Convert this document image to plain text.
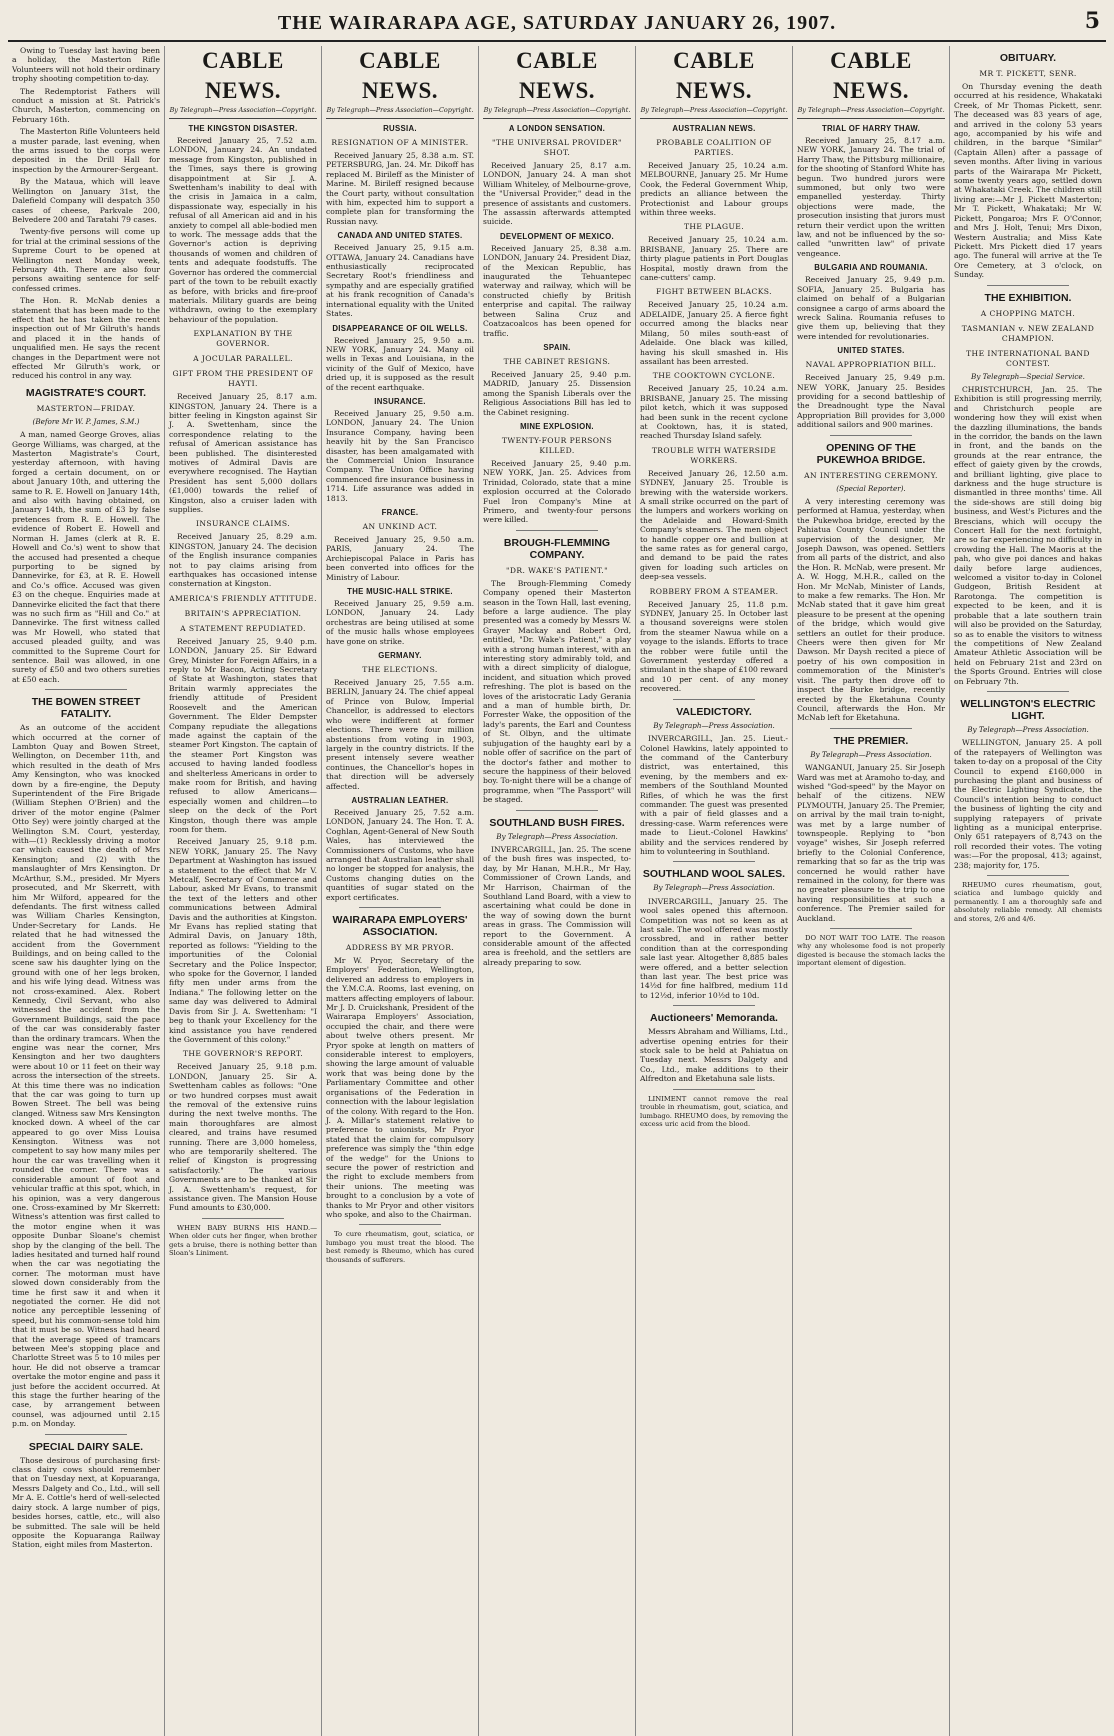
THE WAIRARAPA AGE, SATURDAY JANUARY 26, 1907.	5

Owing to Tuesday last having been a holiday, the Masterton Rifle Volunteers will not hold their ordinary trophy shooting competition to-day.

The Redemptorist Fathers will conduct a mission at St. Patrick's Church, Masterton, commencing on February 16th.

The Masterton Rifle Volunteers held a muster parade, last evening, when the arms issued to the corps were deposited in the Drill Hall for inspection by the Armourer-Sergeant.

By the Mataua, which will leave Wellington on January 31st, the Dalefield Company will despatch 350 cases of cheese, Parkvale 200, Belvedere 200 and Taratahi 79 cases.

Twenty-five persons will come up for trial at the criminal sessions of the Supreme Court to be opened at Wellington next Monday week, February 4th. There are also four persons awaiting sentence for self-confessed crimes.

The Hon. R. McNab denies a statement that has been made to the effect that he has taken the recent inspection out of Mr Gilruth's hands and placed it in the hands of unqualified men. He says the recent changes in the Department were not effected Mr Gilruth's work, or reduced his control in any way.

MAGISTRATE'S COURT.
MASTERTON—FRIDAY.
(Before Mr W. P. James, S.M.)

A man, named George Groves, alias George Williams, was charged, at the Masterton Magistrate's Court, yesterday afternoon, with having forged a certain document, on or about January 10th, and uttering the same to R. E. Howell on January 14th, and also with having obtained, on January 14th, the sum of £3 by false pretences from R. E. Howell. The evidence of Robert E. Howell and Norman H. James (clerk at R. E. Howell and Co.'s) went to show that the accused had presented a cheque purporting to be signed by Dannevirke, for £3, at R. E. Howell and Co.'s office. Accused was given £3 on the cheque. Enquiries made at Dannevirke elicited the fact that there was no such firm as "Hill and Co." at Dannevirke. The first witness called was Mr Howell, who stated that accused pleaded guilty, and was committed to the Supreme Court for sentence. Bail was allowed, in one surety of £50 and two others sureties at £50 each.

THE BOWEN STREET FATALITY.

As an outcome of the accident which occurred at the corner of Lambton Quay and Bowen Street, Wellington, on December 11th, and which resulted in the death of Mrs Amy Kensington, who was knocked down by a fire-engine, the Deputy Superintendent of the Fire Brigade (William Stephen O'Brien) and the driver of the motor engine (Palmer Otto Sey) were jointly charged at the Wellington S.M. Court, yesterday, with—(1) Recklessly driving a motor car which caused the death of Mrs Kensington; and (2) with the manslaughter of Mrs Kensington. Dr McArthur, S.M., presided. Mr Myers prosecuted, and Mr Skerrett, with him Mr Wilford, appeared for the defendants. The first witness called was William Charles Kensington, Under-Secretary for Lands. He related that he had witnessed the accident from the Government Buildings, and on being called to the scene saw his daughter lying on the ground with one of her legs broken, and his wife lying dead. Witness was not cross-examined. Alex. Robert Kennedy, Civil Servant, who also witnessed the accident from the Government Buildings, said the pace of the car was considerably faster than the ordinary tramcars. When the engine was near the corner, Mrs Kensington and her two daughters were about 10 or 11 feet on their way across the intersection of the streets. At this time there was no indication that the car was going to turn up Bowen Street. The bell was being clanged. Witness saw Mrs Kensington knocked down. A wheel of the car appeared to go over Miss Louisa Kensington. Witness was not competent to say how many miles per hour the car was travelling when it rounded the corner. There was a considerable amount of foot and vehicular traffic at this spot, which, in his opinion, was a very dangerous one. Cross-examined by Mr Skerrett: Witness's attention was first called to the motor engine when it was opposite Dunbar Sloane's chemist shop by the clanging of the bell. The ladies hesitated and turned half round when the car was negotiating the corner. The motorman must have slowed down considerably from the time he first saw it and when it negotiated the corner. He did not notice any perceptible lessening of speed, but his common-sense told him that it must be so. Witness had heard that the average speed of tramcars between Mee's stopping place and Charlotte Street was 5 to 10 miles per hour. He did not observe a tramcar overtake the motor engine and pass it just before the accident occurred. At this stage the further hearing of the case, by arrangement between counsel, was adjourned until 2.15 p.m. on Monday.

SPECIAL DAIRY SALE.

Those desirous of purchasing first-class dairy cows should remember that on Tuesday next, at Kopuaranga, Messrs Dalgety and Co., Ltd., will sell Mr A. E. Cottle's herd of well-selected dairy stock. A large number of pigs, besides horses, cattle, etc., will also be submitted. The sale will be held opposite the Kopuaranga Railway Station, eight miles from Masterton.

CABLE NEWS.
By Telegraph—Press Association—Copyright.
THE KINGSTON DISASTER.

Received January 25, 7.52 a.m. LONDON, January 24. An undated message from Kingston, published in the Times, says there is growing disappointment at Sir J. A. Swettenham's inability to deal with the crisis in Jamaica in a calm, dispassionate way, especially in his refusal of all American aid and in his anxiety to compel all able-bodied men to work. The message adds that the Governor's action is depriving thousands of women and children of tents and adequate foodstuffs. The Governor has ordered the commercial part of the town to be rebuilt exactly as before, with bricks and fire-proof materials. Military guards are being withdrawn, owing to the exemplary behaviour of the population.

EXPLANATION BY THE GOVERNOR.
A JOCULAR PARALLEL.
GIFT FROM THE PRESIDENT OF HAYTI.

Received January 25, 8.17 a.m. KINGSTON, January 24. There is a bitter feeling in Kingston against Sir J. A. Swettenham, since the correspondence relating to the refusal of American assistance has been published. The disinterested motives of Admiral Davis are everywhere recognised. The Haytian President has sent 5,000 dollars (£1,000) towards the relief of Kingston, also a cruiser laden with supplies.

INSURANCE CLAIMS.

Received January 25, 8.29 a.m. KINGSTON, January 24. The decision of the English insurance companies not to pay claims arising from earthquakes has occasioned intense consternation at Kingston.

AMERICA'S FRIENDLY ATTITUDE.
BRITAIN'S APPRECIATION.
A STATEMENT REPUDIATED.

Received January 25, 9.40 p.m. LONDON, January 25. Sir Edward Grey, Minister for Foreign Affairs, in a reply to Mr Bacon, Acting Secretary of State at Washington, states that Britain warmly appreciates the friendly attitude of President Roosevelt and the American Government. The Elder Dempster Company repudiate the allegations made against the captain of the steamer Port Kingston. The captain of the steamer Port Kingston was accused to having landed foodless and shelterless Americans in order to make room for British, and having refused to allow Americans—especially women and children—to sleep on the deck of the Port Kingston, though there was ample room for them.

Received January 25, 9.18 p.m. NEW YORK, January 25. The Navy Department at Washington has issued a statement to the effect that Mr V. Metcalf, Secretary of Commerce and Labour, asked Mr Evans, to transmit the text of the letters and other communications between Admiral Davis and the authorities at Kingston. Mr Evans has replied stating that Admiral Davis, on January 18th, reported as follows: "Yielding to the importunities of the Colonial Secretary and the Police Inspector, who spoke for the Governor, I landed fifty men under arms from the Indiana." The following letter on the same day was delivered to Admiral Davis from Sir J. A. Swettenham: "I beg to thank your Excellency for the kind assistance you have rendered the Government of this colony."

THE GOVERNOR'S REPORT.

Received January 25, 9.18 p.m. LONDON, January 25. Sir A. Swettenham cables as follows: "One or two hundred corpses must await the removal of the extensive ruins during the next twelve months. The main thoroughfares are almost cleared, and trains have resumed running. There are 3,000 homeless, who are temporarily sheltered. The relief of Kingston is progressing satisfactorily." The various Governments are to be thanked at Sir J. A. Swettenham's request, for assistance given. The Mansion House Fund amounts to £30,000.

WHEN BABY BURNS HIS HAND.—When older cuts her finger, when brother gets a bruise, there is nothing better than Sloan's Liniment.

CABLE NEWS.
By Telegraph—Press Association—Copyright.
RUSSIA.
RESIGNATION OF A MINISTER.

Received January 25, 8.38 a.m. ST. PETERSBURG, Jan. 24. Mr. Dikoff has replaced M. Birileff as the Minister of Marine. M. Birileff resigned because the Court party, without consultation with him, expected him to support a complete plan for transforming the Russian navy.

CANADA AND UNITED STATES.

Received January 25, 9.15 a.m. OTTAWA, January 24. Canadians have enthusiastically reciprocated Secretary Root's friendliness and sympathy and are especially gratified at his frank recognition of Canada's international equality with the United States.

DISAPPEARANCE OF OIL WELLS.

Received January 25, 9.50 a.m. NEW YORK, January 24. Many oil wells in Texas and Louisiana, in the vicinity of the Gulf of Mexico, have dried up, it is supposed as the result of the recent earthquake.

INSURANCE.

Received January 25, 9.50 a.m. LONDON, January 24. The Union Insurance Company, having been heavily hit by the San Francisco disaster, has been amalgamated with the Commercial Union Insurance Company. The Union Office having commenced fire insurance business in 1714. Life assurance was added in 1813.

FRANCE.
AN UNKIND ACT.

Received January 25, 9.50 a.m. PARIS, January 24. The Archiepiscopal Palace in Paris has been converted into offices for the Ministry of Labour.

THE MUSIC-HALL STRIKE.

Received January 25, 9.59 a.m. LONDON, January 24. Lady orchestras are being utilised at some of the music halls whose employees have gone on strike.

GERMANY.
THE ELECTIONS.

Received January 25, 7.55 a.m. BERLIN, January 24. The chief appeal of Prince von Bulow, Imperial Chancellor, is addressed to electors who were indifferent at former elections. There were four million abstentions from voting in 1903, largely in the country districts. If the present intensely severe weather continues, the Chancellor's hopes in that direction will be adversely affected.

AUSTRALIAN LEATHER.

Received January 25, 7.52 a.m. LONDON, January 24. The Hon. T. A. Coghlan, Agent-General of New South Wales, has interviewed the Commissioners of Customs, who have arranged that Australian leather shall no longer be stopped for analysis, the Customs changing duties on the quantities of sugar stated on the export certificates.

WAIRARAPA EMPLOYERS' ASSOCIATION.
ADDRESS BY MR PRYOR.

Mr W. Pryor, Secretary of the Employers' Federation, Wellington, delivered an address to employers in the Y.M.C.A. Rooms, last evening, on matters affecting employers of labour. Mr J. D. Cruickshank, President of the Wairarapa Employers' Association, occupied the chair, and there were about twelve others present. Mr Pryor spoke at length on matters of considerable interest to employers, showing the large amount of valuable work that was being done by the Parliamentary Committee and other organisations of the Federation in connection with the labour legislation of the colony. With regard to the Hon. J. A. Millar's statement relative to preference to unionists, Mr Pryor stated that the claim for compulsory preference was simply the "thin edge of the wedge" for the Unions to secure the power of restriction and the right to exclude members from their unions. The meeting was brought to a conclusion by a vote of thanks to Mr Pryor and other visitors who spoke, and also to the Chairman.

To cure rheumatism, gout, sciatica, or lumbago you must treat the blood. The best remedy is Rheumo, which has cured thousands of sufferers.

CABLE NEWS.
By Telegraph—Press Association—Copyright.
A LONDON SENSATION.
"THE UNIVERSAL PROVIDER" SHOT.

Received January 25, 8.17 a.m. LONDON, January 24. A man shot William Whiteley, of Melbourne-grove, the "Universal Provider," dead in the presence of assistants and customers. The assassin afterwards attempted suicide.

DEVELOPMENT OF MEXICO.

Received January 25, 8.38 a.m. LONDON, January 24. President Diaz, of the Mexican Republic, has inaugurated the Tehuantepec waterway and railway, which will be constructed chiefly by British enterprise and capital. The railway between Salina Cruz and Coatzacoalcos has been opened for traffic.

SPAIN.
THE CABINET RESIGNS.

Received January 25, 9.40 p.m. MADRID, January 25. Dissension among the Spanish Liberals over the Religious Associations Bill has led to the Cabinet resigning.

MINE EXPLOSION.
TWENTY-FOUR PERSONS KILLED.

Received January 25, 9.40 p.m. NEW YORK, Jan. 25. Advices from Trinidad, Colorado, state that a mine explosion occurred at the Colorado Fuel Iron Company's Mine at Primero, and twenty-four persons were killed.

BROUGH-FLEMMING COMPANY.
"DR. WAKE'S PATIENT."

The Brough-Flemming Comedy Company opened their Masterton season in the Town Hall, last evening, before a large audience. The play presented was a comedy by Messrs W. Grayer Mackay and Robert Ord, entitled, "Dr. Wake's Patient," a play with a strong human interest, with an interesting story admirably told, and with a direct simplicity of dialogue, incident, and situation which proved refreshing. The plot is based on the loves of the aristocratic Lady Gerania and a man of humble birth, Dr. Forrester Wake, the opposition of the lady's parents, the Earl and Countess of St. Olbyn, and the ultimate subjugation of the haughty earl by a noble offer of sacrifice on the part of the doctor's father and mother to secure the happiness of their beloved boy. To-night there will be a change of programme, when "The Passport" will be staged.

SOUTHLAND BUSH FIRES.
By Telegraph—Press Association.

INVERCARGILL, Jan. 25. The scene of the bush fires was inspected, to-day, by Mr Hanan, M.H.R., Mr Hay, Commissioner of Crown Lands, and Mr Harrison, Chairman of the Southland Land Board, with a view to ascertaining what could be done in the way of sowing down the burnt areas in grass. The Commission will report to the Government. A considerable amount of the affected area is freehold, and the settlers are already preparing to sow.

CABLE NEWS.
By Telegraph—Press Association—Copyright.
AUSTRALIAN NEWS.
PROBABLE COALITION OF PARTIES.

Received January 25, 10.24 a.m. MELBOURNE, January 25. Mr Hume Cook, the Federal Government Whip, predicts an alliance between the Protectionist and Labour groups within three weeks.

THE PLAGUE.

Received January 25, 10.24 a.m. BRISBANE, January 25. There are thirty plague patients in Port Douglas Hospital, mostly drawn from the cane-cutters' camp.

FIGHT BETWEEN BLACKS.

Received January 25, 10.24 a.m. ADELAIDE, January 25. A fierce fight occurred among the blacks near Milang, 50 miles south-east of Adelaide. One black was killed, having his skull smashed in. His assailant has been arrested.

THE COOKTOWN CYCLONE.

Received January 25, 10.24 a.m. BRISBANE, January 25. The missing pilot ketch, which it was supposed had been sunk in the recent cyclone at Cooktown, has, it is stated, reached Thursday Island safely.

TROUBLE WITH WATERSIDE WORKERS.

Received January 26, 12.50 a.m. SYDNEY, January 25. Trouble is brewing with the waterside workers. A small strike occurred on the part of the lumpers and workers working on the Adelaide and Howard-Smith Company's steamers. The men object to handle copper ore and bullion at the same rates as for general cargo, and demand to be paid the rates given for loading such articles on deep-sea vessels.

ROBBERY FROM A STEAMER.

Received January 25, 11.8 p.m. SYDNEY, January 25. In October last a thousand sovereigns were stolen from the steamer Nawua while on a voyage to the islands. Efforts to trace the robber were futile until the Government yesterday offered a stimulant in the shape of £100 reward and 10 per cent. of any money recovered.

VALEDICTORY.
By Telegraph—Press Association.

INVERCARGILL, Jan. 25. Lieut.-Colonel Hawkins, lately appointed to the command of the Canterbury district, was entertained, this evening, by the members and ex-members of the Southland Mounted Rifles, of which he was the first commander. The guest was presented with a pair of field glasses and a dressing-case. Warm references were made to Lieut.-Colonel Hawkins' ability and the services rendered by him to volunteering in Southland.

SOUTHLAND WOOL SALES.
By Telegraph—Press Association.

INVERCARGILL, January 25. The wool sales opened this afternoon. Competition was not so keen as at last sale. The wool offered was mostly crossbred, and in rather better condition than at the corresponding sale last year. Altogether 8,885 bales were offered, and a better selection than last year. The best price was 14½d for fine halfbred, medium 11d to 12½d, inferior 10½d to 10d.

Auctioneers' Memoranda.

Messrs Abraham and Williams, Ltd., advertise opening entries for their stock sale to be held at Pahiatua on Tuesday next. Messrs Dalgety and Co., Ltd., make additions to their Alfredton and Eketahuna sale lists.

LINIMENT cannot remove the real trouble in rheumatism, gout, sciatica, and lumbago. RHEUMO does, by removing the excess uric acid from the blood.

CABLE NEWS.
By Telegraph—Press Association—Copyright.
TRIAL OF HARRY THAW.

Received January 25, 8.17 a.m. NEW YORK, January 24. The trial of Harry Thaw, the Pittsburg millionaire, for the shooting of Stanford White has begun. Two hundred jurors were summoned, but only two were empanelled yesterday. Thirty objections were made, the prosecution insisting that jurors must return their verdict upon the written law, and not be influenced by the so-called "unwritten law" of private vengeance.

BULGARIA AND ROUMANIA.

Received January 25, 9.49 p.m. SOFIA, January 25. Bulgaria has claimed on behalf of a Bulgarian consignee a cargo of arms aboard the wreck Salina. Roumania refuses to give them up, believing that they were intended for revolutionaries.

UNITED STATES.
NAVAL APPROPRIATION BILL.

Received January 25, 9.49 p.m. NEW YORK, January 25. Besides providing for a second battleship of the Dreadnought type the Naval Appropriation Bill provides for 3,000 additional sailors and 900 marines.

OPENING OF THE PUKEWHOA BRIDGE.
AN INTERESTING CEREMONY.
(Special Reporter).

A very interesting ceremony was performed at Hamua, yesterday, when the Pukewhoa bridge, erected by the Pahiatua County Council under the supervision of the designer, Mr Joseph Dawson, was opened. Settlers from all parts of the district, and also the Hon. R. McNab, were present. Mr A. W. Hogg, M.H.R., called on the Hon. Mr McNab, Minister of Lands, to make a few remarks. The Hon. Mr McNab stated that it gave him great pleasure to be present at the opening of the bridge, which would give settlers an outlet for their produce. Cheers were then given for Mr Dawson. Mr Daysh recited a piece of poetry of his own composition in commemoration of the Minister's visit. The party then drove off to inspect the Burke bridge, recently erected by the Eketahuna County Council, afterwards the Hon. Mr McNab left for Eketahuna.

THE PREMIER.
By Telegraph—Press Association.

WANGANUI, January 25. Sir Joseph Ward was met at Aramoho to-day, and wished "God-speed" by the Mayor on behalf of the citizens. NEW PLYMOUTH, January 25. The Premier, on arrival by the mail train to-night, was met by a large number of townspeople. Replying to "bon voyage" wishes, Sir Joseph referred briefly to the Colonial Conference, remarking that so far as the trip was concerned he would rather have remained in the colony, for there was no greater pleasure to the trip to one having responsibilities at such a conference. The Premier sailed for Auckland.

DO NOT WAIT TOO LATE. The reason why any wholesome food is not properly digested is because the stomach lacks the important element of digestion.

OBITUARY.
MR T. PICKETT, SENR.

On Thursday evening the death occurred at his residence, Whakataki Creek, of Mr Thomas Pickett, senr. The deceased was 83 years of age, and arrived in the colony 53 years ago, accompanied by his wife and children, in the barque "Similar" (Captain Allen) after a passage of seven months. After living in various parts of the Wairarapa Mr Pickett, some twenty years ago, settled down at Whakataki Creek. The children still living are:—Mr J. Pickett Masterton; Mr T. Pickett, Whakataki; Mr W. Pickett, Pongaroa; Mrs F. O'Connor, and Mrs J. Holt, Tenui; Mrs Dixon, Western Australia; and Miss Kate Pickett. Mrs Pickett died 17 years ago. The funeral will arrive at the Te Ore Cemetery, at 3 o'clock, on Sunday.

THE EXHIBITION.
A CHOPPING MATCH.
TASMANIAN v. NEW ZEALAND CHAMPION.
THE INTERNATIONAL BAND CONTEST.
By Telegraph—Special Service.

CHRISTCHURCH, Jan. 25. The Exhibition is still progressing merrily, and Christchurch people are wondering how they will exist when the dazzling illuminations, the bands in the corridor, the bands on the lawn in front, and the bands on the grounds at the rear entrance, the effect of gaiety given by the crowds, and brilliant lighting, give place to darkness and the huge structure is dismantled in three months' time. All the side-shows are still doing big business, and West's Pictures and the Brescians, which will occupy the Concert Hall for the next fortnight, are so far experiencing no difficulty in crowding the Hall. The Maoris at the pah, who give poi dances and hakas daily before large audiences, welcomed a visitor to-day in Colonel Gudgeon, British Resident at Rarotonga. The competition is expected to be keen, and it is probable that a late southern train will also be provided on the Saturday, so as to enable the visitors to witness the competitions of New Zealand Amateur Athletic Association will be held on February 21st and 23rd on the Sports Ground. Entries will close on February 7th.

WELLINGTON'S ELECTRIC LIGHT.
By Telegraph—Press Association.

WELLINGTON, January 25. A poll of the ratepayers of Wellington was taken to-day on a proposal of the City Council to expend £160,000 in purchasing the plant and business of the Electric Lighting Syndicate, the Council's intention being to conduct the business of lighting the city and supplying ratepayers of private lighting as a municipal enterprise. Only 651 ratepayers of 8,743 on the roll recorded their votes. The voting was:—For the proposal, 413; against, 238; majority for, 175.

RHEUMO cures rheumatism, gout, sciatica and lumbago quickly and permanently. I am a thoroughly safe and absolutely reliable remedy. All chemists and stores, 2/6 and 4/6.
